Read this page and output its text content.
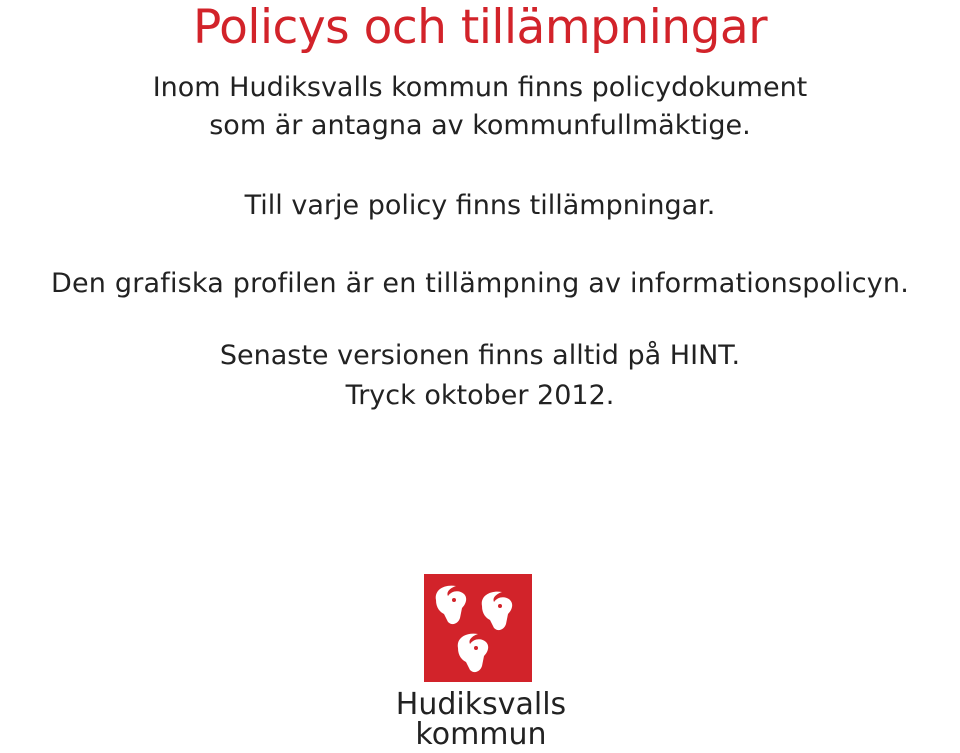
Policys och tillämpningar

Inom Hudiksvalls kommun finns policydokument

som är antagna av kommunfullmäktige.

Till varje policy finns tillämpningar.

Den grafiska profilen är en tillämpning av informationspolicyn.

Senaste versionen finns alltid på HINT.

Tryck oktober 2012.

Hudiksvalls
kommun
